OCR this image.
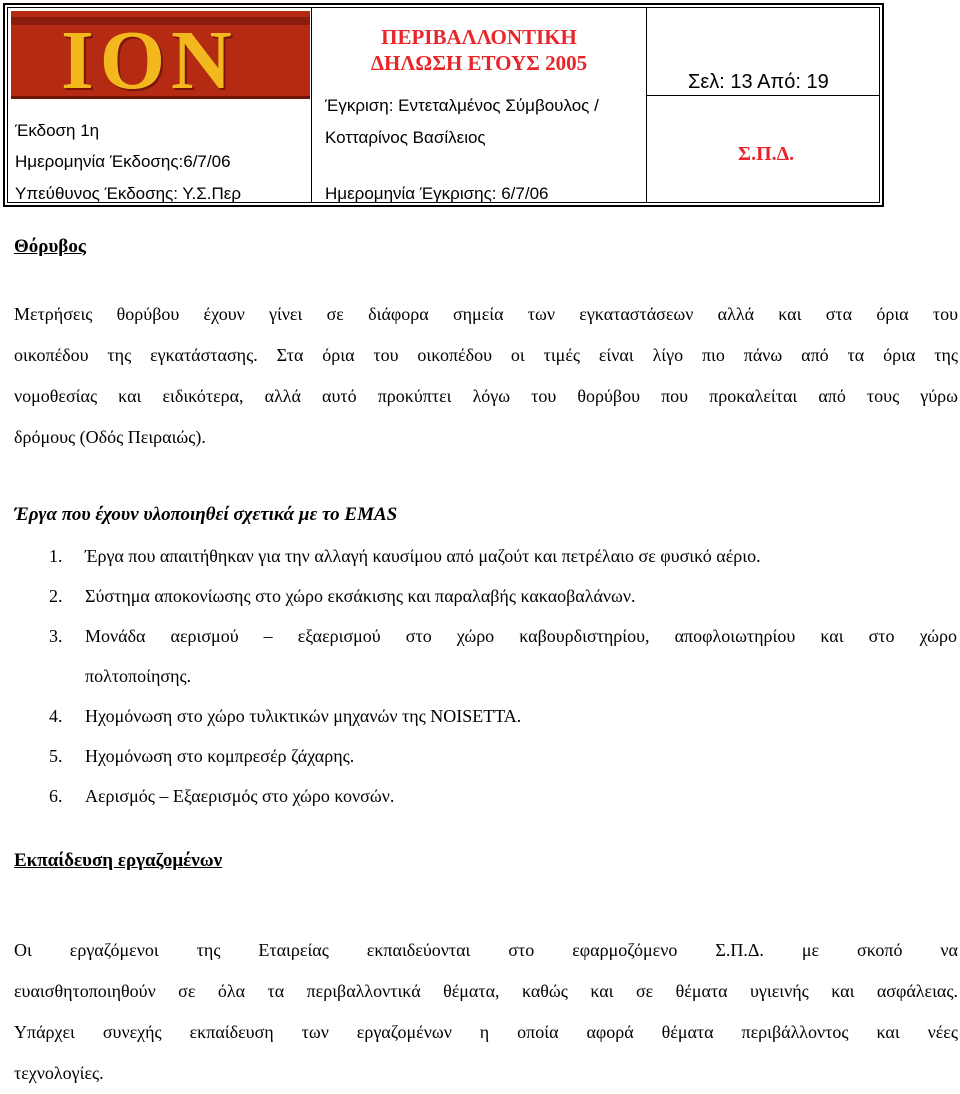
ΙΟΝ
Έκδοση 1η
Ημερομηνία Έκδοσης:6/7/06
Υπεύθυνος Έκδοσης: Υ.Σ.Περ
ΠΕΡΙΒΑΛΛΟΝΤΙΚΗ
ΔΗΛΩΣΗ ΕΤΟΥΣ 2005
Έγκριση: Εντεταλμένος Σύμβουλος /
Κοτταρίνος Βασίλειος
Ημερομηνία Έγκρισης: 6/7/06
Σελ: 13 Από: 19
Σ.Π.Δ.
Θόρυβος
Μετρήσεις θορύβου έχουν γίνει σε διάφορα σημεία των εγκαταστάσεων αλλά και στα όρια του
οικοπέδου της εγκατάστασης. Στα όρια του οικοπέδου οι τιμές είναι λίγο πιο πάνω από τα όρια της
νομοθεσίας και ειδικότερα, αλλά αυτό προκύπτει λόγω του θορύβου που προκαλείται από τους γύρω
δρόμους (Οδός Πειραιώς).
Έργα που έχουν υλοποιηθεί σχετικά με το EMAS
1. Έργα που απαιτήθηκαν για την αλλαγή καυσίμου από μαζούτ και πετρέλαιο σε φυσικό αέριο.
2. Σύστημα αποκονίωσης στο χώρο εκσάκισης και παραλαβής κακαοβαλάνων.
3. Μονάδα αερισμού – εξαερισμού στο χώρο καβουρδιστηρίου, αποφλοιωτηρίου και στο χώρο
πολτοποίησης.
4. Ηχομόνωση στο χώρο τυλικτικών μηχανών της NOISETTA.
5. Ηχομόνωση στο κομπρεσέρ ζάχαρης.
6. Αερισμός – Εξαερισμός στο χώρο κονσών.
Εκπαίδευση εργαζομένων
Οι εργαζόμενοι της Εταιρείας εκπαιδεύονται στο εφαρμοζόμενο Σ.Π.Δ. με σκοπό να
ευαισθητοποιηθούν σε όλα τα περιβαλλοντικά θέματα, καθώς και σε θέματα υγιεινής και ασφάλειας.
Υπάρχει συνεχής εκπαίδευση των εργαζομένων η οποία αφορά θέματα περιβάλλοντος και νέες
τεχνολογίες.
